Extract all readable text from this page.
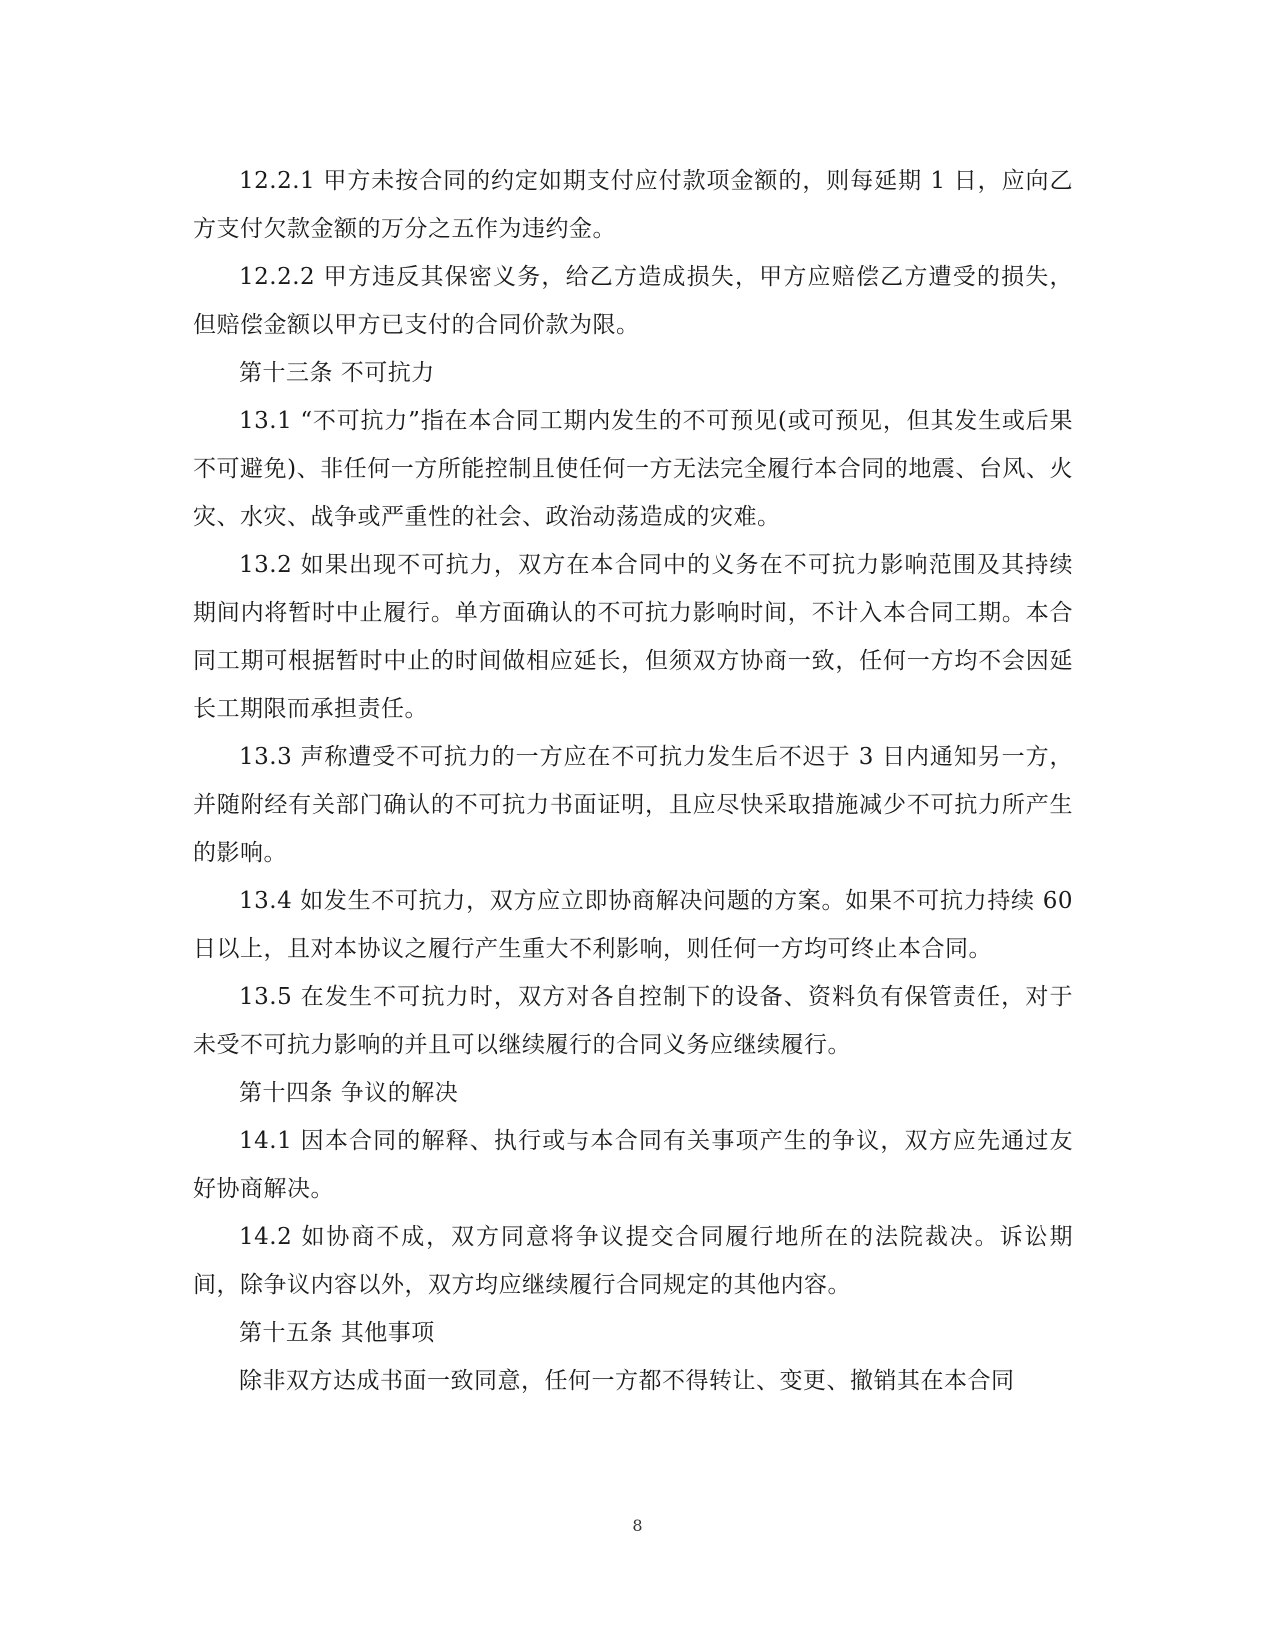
12.2.1 甲方未按合同的约定如期支付应付款项金额的，则每延期 1 日，应向乙方支付欠款金额的万分之五作为违约金。

12.2.2 甲方违反其保密义务，给乙方造成损失，甲方应赔偿乙方遭受的损失，但赔偿金额以甲方已支付的合同价款为限。

第十三条 不可抗力

13.1 “不可抗力”指在本合同工期内发生的不可预见(或可预见，但其发生或后果不可避免)、非任何一方所能控制且使任何一方无法完全履行本合同的地震、台风、火灾、水灾、战争或严重性的社会、政治动荡造成的灾难。

13.2 如果出现不可抗力，双方在本合同中的义务在不可抗力影响范围及其持续期间内将暂时中止履行。单方面确认的不可抗力影响时间，不计入本合同工期。本合同工期可根据暂时中止的时间做相应延长，但须双方协商一致，任何一方均不会因延长工期限而承担责任。

13.3 声称遭受不可抗力的一方应在不可抗力发生后不迟于 3 日内通知另一方，并随附经有关部门确认的不可抗力书面证明，且应尽快采取措施减少不可抗力所产生的影响。

13.4 如发生不可抗力，双方应立即协商解决问题的方案。如果不可抗力持续 60 日以上，且对本协议之履行产生重大不利影响，则任何一方均可终止本合同。

13.5 在发生不可抗力时，双方对各自控制下的设备、资料负有保管责任，对于未受不可抗力影响的并且可以继续履行的合同义务应继续履行。

第十四条 争议的解决

14.1 因本合同的解释、执行或与本合同有关事项产生的争议，双方应先通过友好协商解决。

14.2 如协商不成，双方同意将争议提交合同履行地所在的法院裁决。诉讼期间，除争议内容以外，双方均应继续履行合同规定的其他内容。

第十五条 其他事项

除非双方达成书面一致同意，任何一方都不得转让、变更、撤销其在本合同

8
